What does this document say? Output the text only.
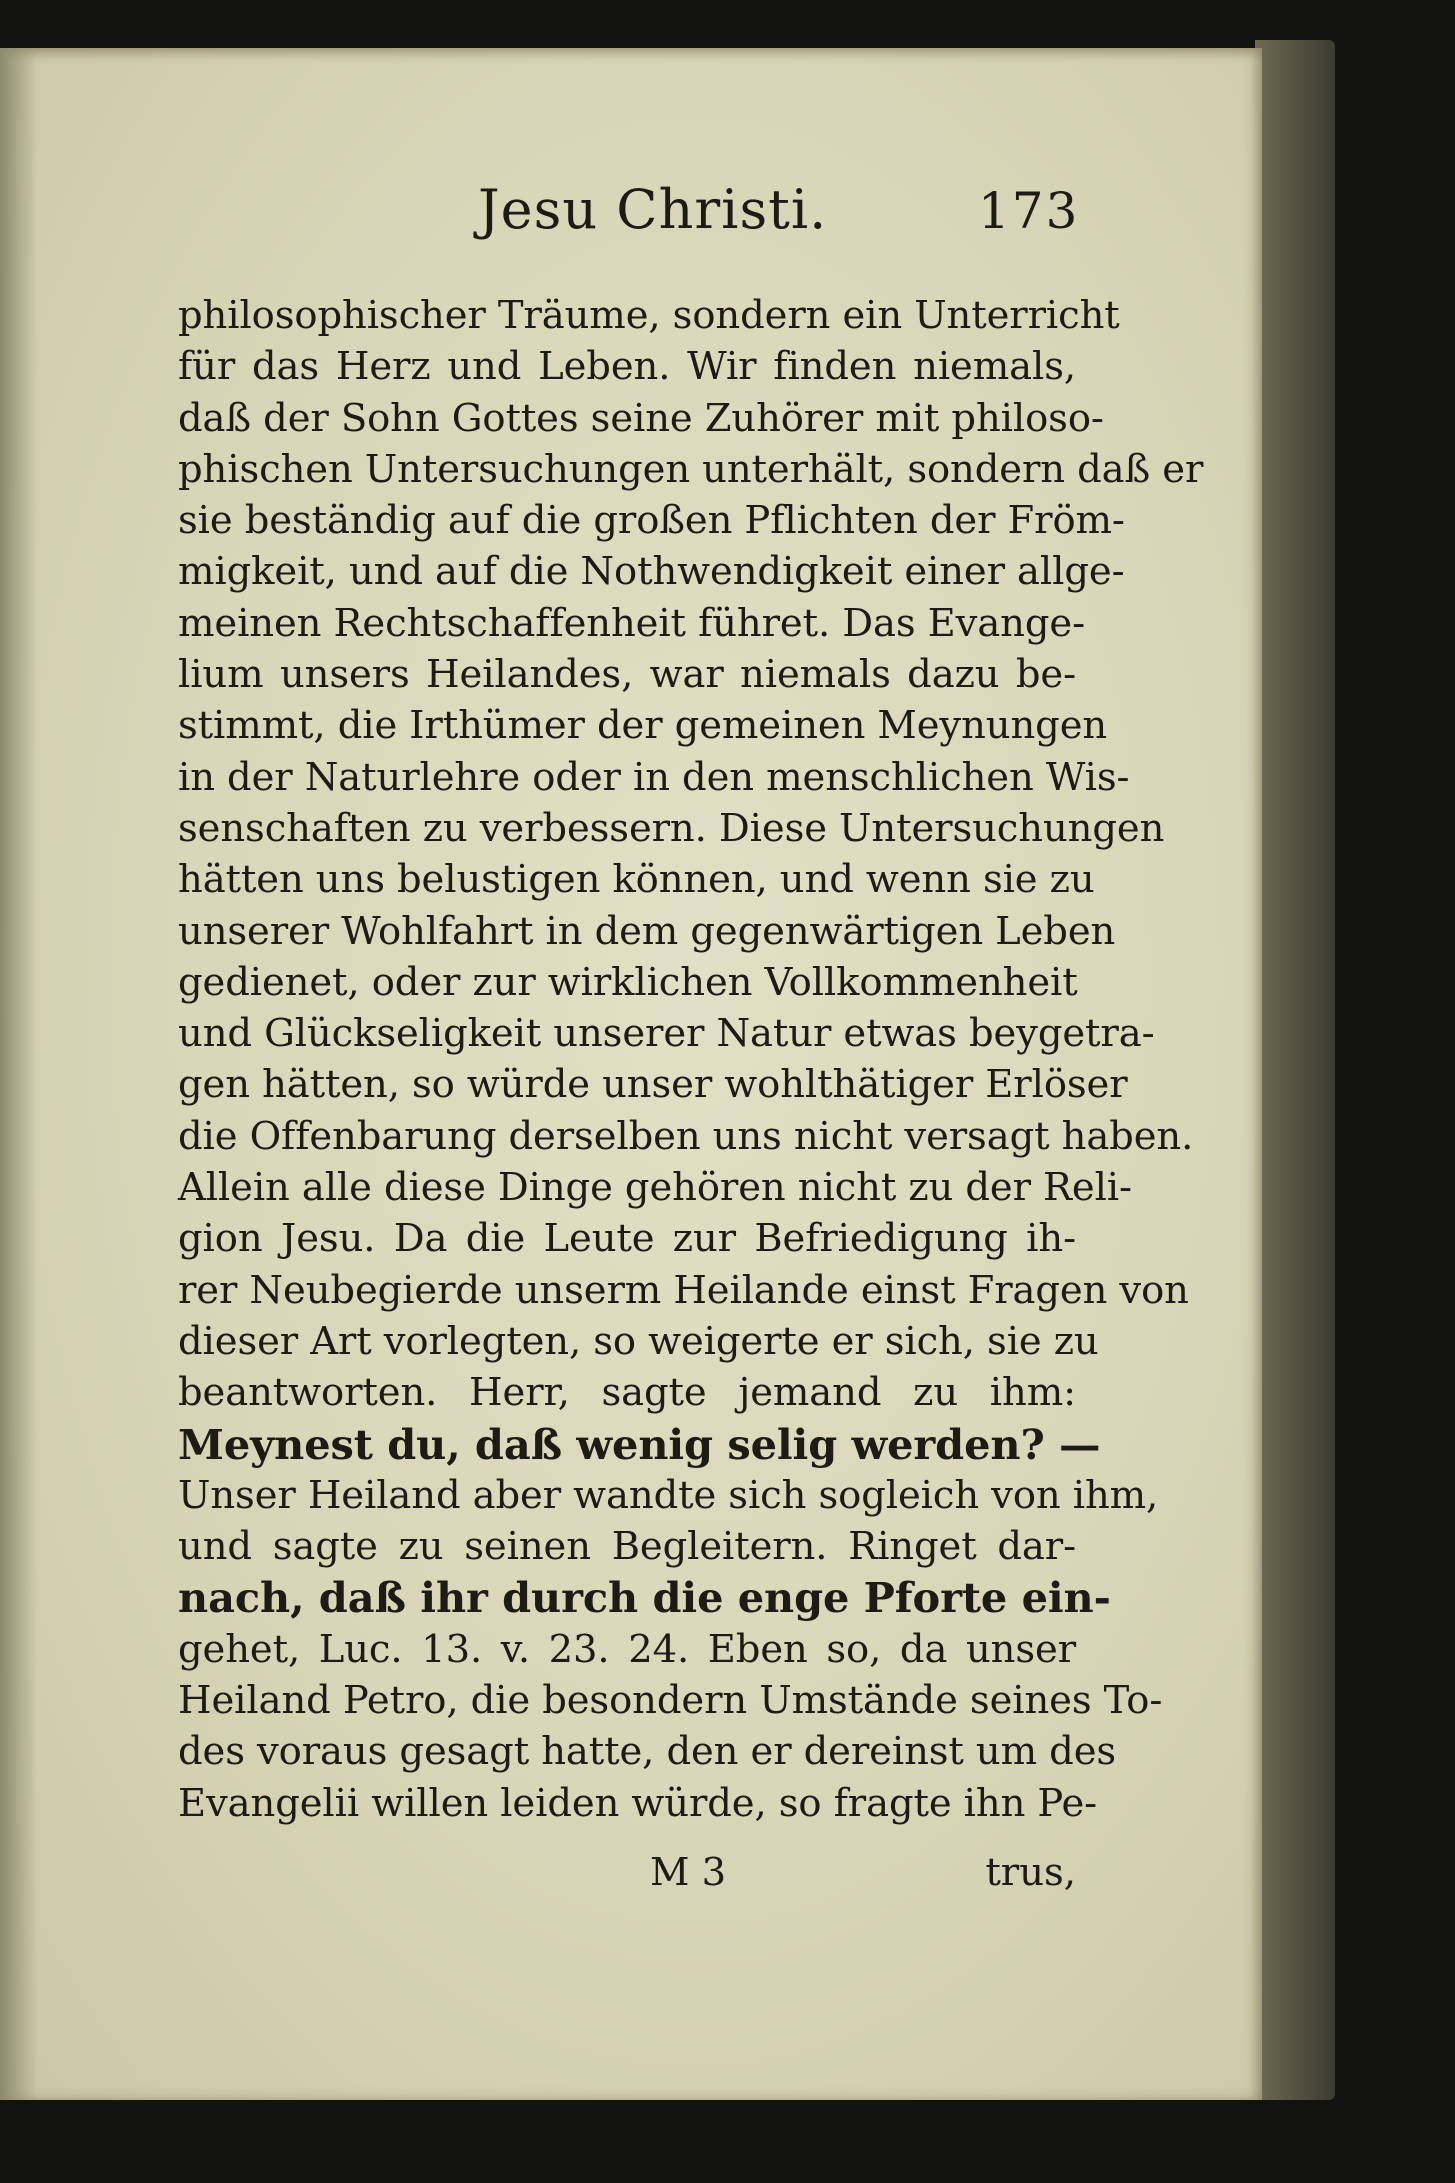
Jesu Christi.	173
philosophischer Träume, sondern ein Unterricht
für das Herz und Leben. Wir finden niemals,
daß der Sohn Gottes seine Zuhörer mit philoso-
phischen Untersuchungen unterhält, sondern daß er
sie beständig auf die großen Pflichten der Fröm-
migkeit, und auf die Nothwendigkeit einer allge-
meinen Rechtschaffenheit führet. Das Evange-
lium unsers Heilandes, war niemals dazu be-
stimmt, die Irthümer der gemeinen Meynungen
in der Naturlehre oder in den menschlichen Wis-
senschaften zu verbessern. Diese Untersuchungen
hätten uns belustigen können, und wenn sie zu
unserer Wohlfahrt in dem gegenwärtigen Leben
gedienet, oder zur wirklichen Vollkommenheit
und Glückseligkeit unserer Natur etwas beygetra-
gen hätten, so würde unser wohlthätiger Erlöser
die Offenbarung derselben uns nicht versagt haben.
Allein alle diese Dinge gehören nicht zu der Reli-
gion Jesu. Da die Leute zur Befriedigung ih-
rer Neubegierde unserm Heilande einst Fragen von
dieser Art vorlegten, so weigerte er sich, sie zu
beantworten. Herr, sagte jemand zu ihm:
Meynest du, daß wenig selig werden? —
Unser Heiland aber wandte sich sogleich von ihm,
und sagte zu seinen Begleitern. Ringet dar-
nach, daß ihr durch die enge Pforte ein-
gehet, Luc. 13. v. 23. 24. Eben so, da unser
Heiland Petro, die besondern Umstände seines To-
des voraus gesagt hatte, den er dereinst um des
Evangelii willen leiden würde, so fragte ihn Pe-
M 3	trus,
